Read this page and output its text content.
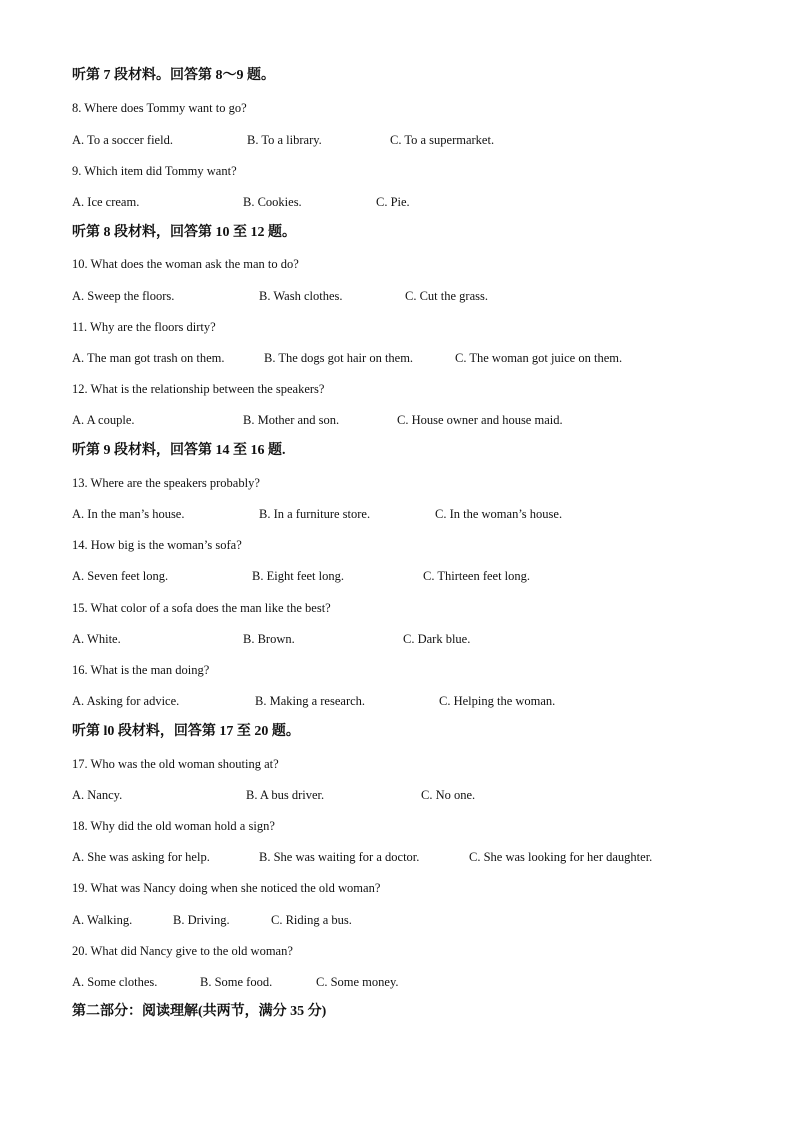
听第 7 段材料。回答第 8～9 题。
8. Where does Tommy want to go?
A. To a soccer field.	B. To a library.	C. To a supermarket.
9. Which item did Tommy want?
A. Ice cream.	B. Cookies.	C. Pie.
听第 8 段材料，回答第 10 至 12 题。
10. What does the woman ask the man to do?
A. Sweep the floors.	B. Wash clothes.	C. Cut the grass.
11. Why are the floors dirty?
A. The man got trash on them.	B. The dogs got hair on them.	C. The woman got juice on them.
12. What is the relationship between the speakers?
A. A couple.	B. Mother and son.	C. House owner and house maid.
听第 9 段材料，回答第 14 至 16 题.
13. Where are the speakers probably?
A. In the man’s house.	B. In a furniture store.	C. In the woman’s house.
14. How big is the woman’s sofa?
A. Seven feet long.	B. Eight feet long.	C. Thirteen feet long.
15. What color of a sofa does the man like the best?
A. White.	B. Brown.	C. Dark blue.
16. What is the man doing?
A. Asking for advice.	B. Making a research.	C. Helping the woman.
听第 l0 段材料，回答第 17 至 20 题。
17. Who was the old woman shouting at?
A. Nancy.	B. A bus driver.	C. No one.
18. Why did the old woman hold a sign?
A. She was asking for help.	B. She was waiting for a doctor.	C. She was looking for her daughter.
19. What was Nancy doing when she noticed the old woman?
A. Walking.	B. Driving.	C. Riding a bus.
20. What did Nancy give to the old woman?
A. Some clothes.	B. Some food.	C. Some money.
第二部分：阅读理解(共两节，满分 35 分)
